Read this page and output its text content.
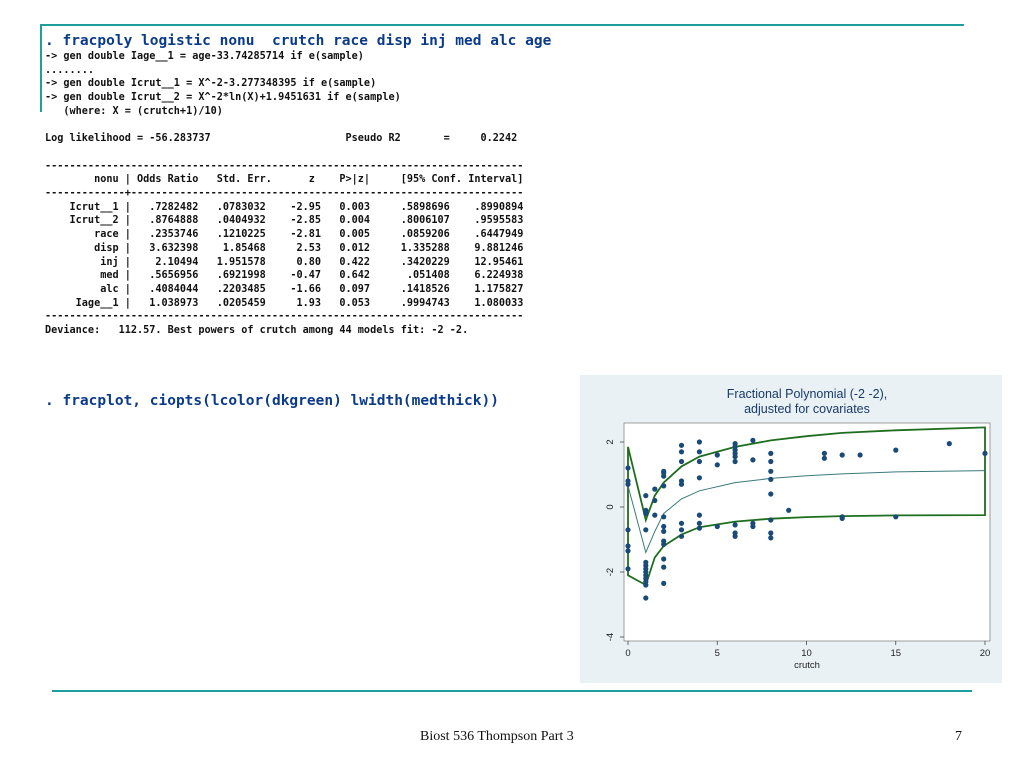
. fracpoly logistic nonu  crutch race disp inj med alc age
-> gen double Iage__1 = age-33.74285714 if e(sample)
........
-> gen double Icrut__1 = X^-2-3.277348395 if e(sample)
-> gen double Icrut__2 = X^-2*ln(X)+1.9451631 if e(sample)
(where: X = (crutch+1)/10)

Log likelihood = -56.283737                      Pseudo R2       =     0.2242

------------------------------------------------------------------------------
nonu | Odds Ratio   Std. Err.      z    P>|z|     [95% Conf. Interval]
-------------+----------------------------------------------------------------
Icrut__1 |   .7282482   .0783032    -2.95   0.003     .5898696    .8990894
Icrut__2 |   .8764888   .0404932    -2.85   0.004     .8006107    .9595583
race |   .2353746   .1210225    -2.81   0.005     .0859206    .6447949
disp |   3.632398    1.85468     2.53   0.012     1.335288    9.881246
inj |    2.10494   1.951578     0.80   0.422     .3420229    12.95461
med |   .5656956   .6921998    -0.47   0.642      .051408    6.224938
alc |   .4084044   .2203485    -1.66   0.097     .1418526    1.175827
Iage__1 |   1.038973   .0205459     1.93   0.053     .9994743    1.080033
------------------------------------------------------------------------------
Deviance:   112.57. Best powers of crutch among 44 models fit: -2 -2.
. fracplot, ciopts(lcolor(dkgreen) lwidth(medthick))	Fractional Polynomial (-2 -2),
adjusted for covariates
crutch
0	5	10	15	20
-4
-2
0
2
Biost 536 Thompson Part 3	7
